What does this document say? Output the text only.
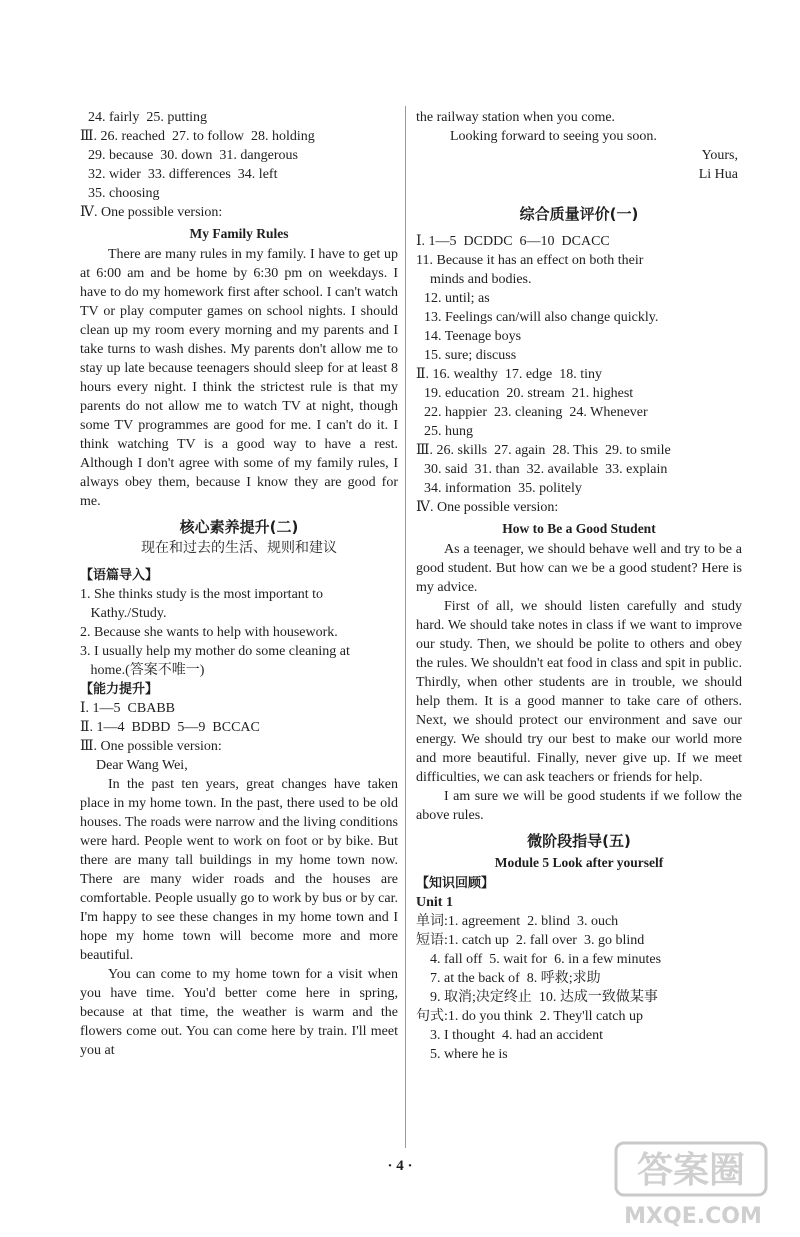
24. fairly  25. putting
Ⅲ. 26. reached  27. to follow  28. holding
29. because  30. down  31. dangerous
32. wider  33. differences  34. left
35. choosing
Ⅳ. One possible version:
My Family Rules

There are many rules in my family. I have to get up at 6:00 am and be home by 6:30 pm on weekdays. I have to do my homework first after school. I can't watch TV or play computer games on school nights. I should clean up my room every morning and my parents and I take turns to wash dishes. My parents don't allow me to stay up late because teenagers should sleep for at least 8 hours every night. I think the strictest rule is that my parents do not allow me to watch TV at night, though some TV programmes are good for me. I can't do it. I think watching TV is a good way to have a rest. Although I don't agree with some of my family rules, I always obey them, because I know they are good for me.

核心素养提升(二)
现在和过去的生活、规则和建议
【语篇导入】
1. She thinks study is the most important to
Kathy./Study.
2. Because she wants to help with housework.
3. I usually help my mother do some cleaning at
home.(答案不唯一)
【能力提升】
Ⅰ. 1—5  CBABB
Ⅱ. 1—4  BDBD  5—9  BCCAC
Ⅲ. One possible version:
Dear Wang Wei,

In the past ten years, great changes have taken place in my home town. In the past, there used to be old houses. The roads were narrow and the living conditions were hard. People went to work on foot or by bike. But there are many tall buildings in my home town now. There are many wider roads and the houses are comfortable. People usually go to work by bus or by car. I'm happy to see these changes in my home town and I hope my home town will become more and more beautiful.

You can come to my home town for a visit when you have time. You'd better come here in spring, because at that time, the weather is warm and the flowers come out. You can come here by train. I'll meet you at

the railway station when you come.
Looking forward to seeing you soon.
Yours,
Li Hua
综合质量评价(一)
Ⅰ. 1—5  DCDDC  6—10  DCACC
11. Because it has an effect on both their
minds and bodies.
12. until; as
13. Feelings can/will also change quickly.
14. Teenage boys
15. sure; discuss
Ⅱ. 16. wealthy  17. edge  18. tiny
19. education  20. stream  21. highest
22. happier  23. cleaning  24. Whenever
25. hung
Ⅲ. 26. skills  27. again  28. This  29. to smile
30. said  31. than  32. available  33. explain
34. information  35. politely
Ⅳ. One possible version:
How to Be a Good Student

As a teenager, we should behave well and try to be a good student. But how can we be a good student? Here is my advice.

First of all, we should listen carefully and study hard. We should take notes in class if we want to improve our study. Then, we should be polite to others and obey the rules. We shouldn't eat food in class and spit in public. Thirdly, when other students are in trouble, we should help them. It is a good manner to take care of others. Next, we should protect our environment and save our energy. We should try our best to make our world more and more beautiful. Finally, never give up. If we meet difficulties, we can ask teachers or friends for help.

I am sure we will be good students if we follow the above rules.

微阶段指导(五)
Module 5 Look after yourself
【知识回顾】
Unit 1
单词:1. agreement  2. blind  3. ouch
短语:1. catch up  2. fall over  3. go blind
4. fall off  5. wait for  6. in a few minutes
7. at the back of  8. 呼救;求助
9. 取消;决定终止  10. 达成一致做某事
句式:1. do you think  2. They'll catch up
3. I thought  4. had an accident
5. where he is
· 4 ·	答案圈
MXQE.COM
